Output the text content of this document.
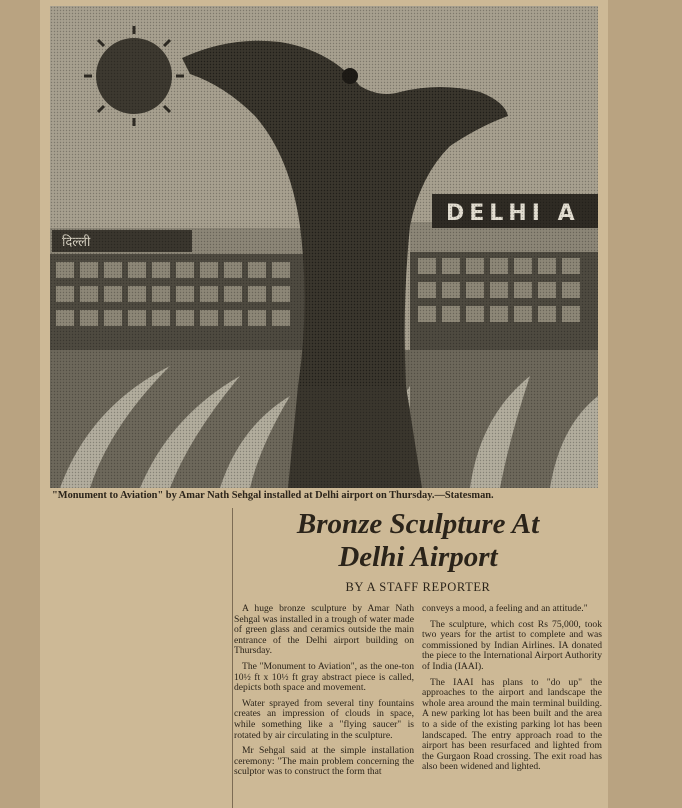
"Monument to Aviation" by Amar Nath Sehgal installed at Delhi airport on Thursday.—Statesman.
Bronze Sculpture At
Delhi Airport
BY A STAFF REPORTER

A huge bronze sculpture by Amar Nath Sehgal was installed in a trough of water made of green glass and ceramics outside the main entrance of the Delhi airport building on Thursday.

The "Monument to Aviation", as the one-ton 10½ ft x 10½ ft gray abstract piece is called, depicts both space and movement.

Water sprayed from several tiny fountains creates an impression of clouds in space, while something like a "flying saucer" is rotated by air circulating in the sculpture.

Mr Sehgal said at the simple installation ceremony: "The main problem concerning the sculptor was to construct the form that

conveys a mood, a feeling and an attitude."

The sculpture, which cost Rs 75,000, took two years for the artist to complete and was commissioned by Indian Airlines. IA donated the piece to the International Airport Authority of India (IAAI).

The IAAI has plans to "do up" the approaches to the airport and landscape the whole area around the main terminal building. A new parking lot has been built and the area to a side of the existing parking lot has been landscaped. The entry approach road to the airport has been resurfaced and lighted from the Gurgaon Road crossing. The exit road has also been widened and lighted.
